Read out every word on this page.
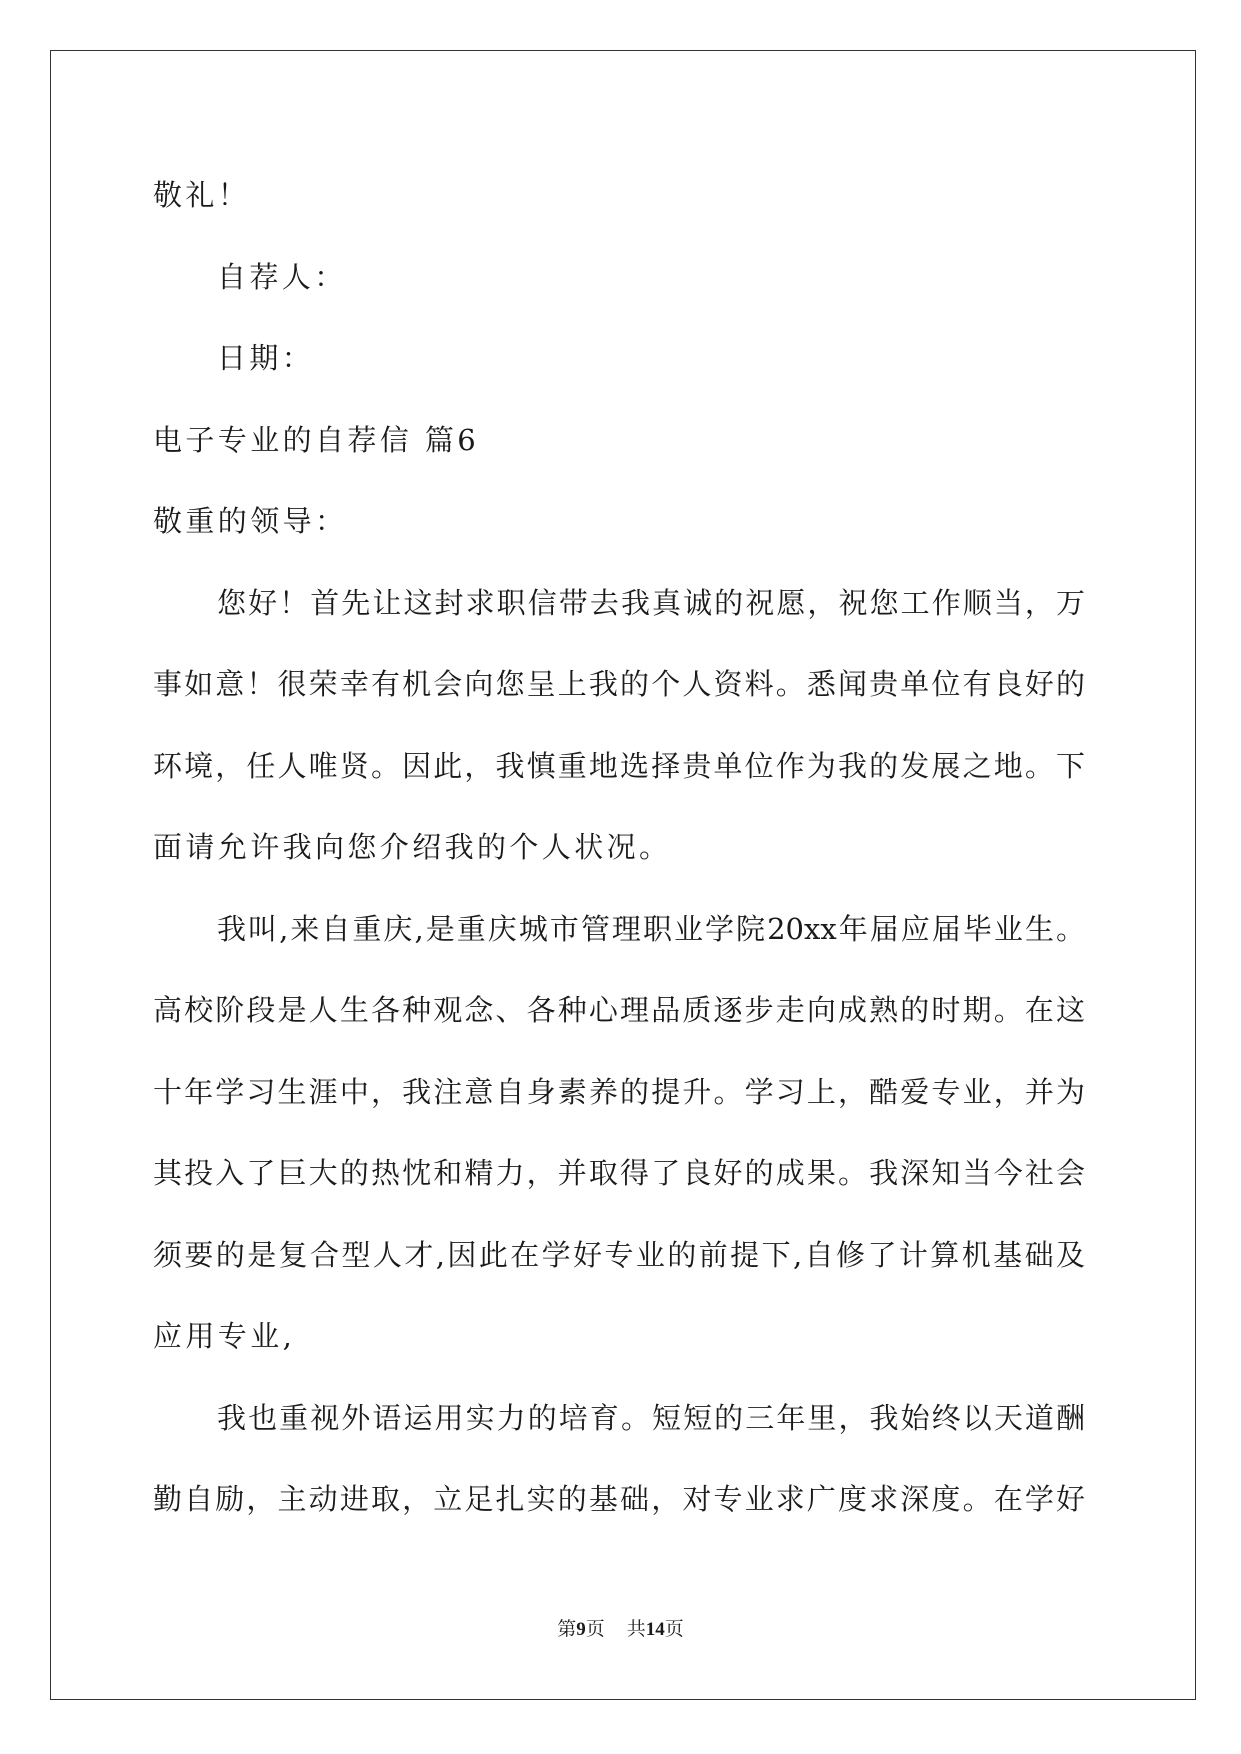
敬礼！
自荐人：
日期：
电子专业的自荐信 篇6
敬重的领导：
您好！首先让这封求职信带去我真诚的祝愿，祝您工作顺当，万
事如意！很荣幸有机会向您呈上我的个人资料。悉闻贵单位有良好的
环境，任人唯贤。因此，我慎重地选择贵单位作为我的发展之地。下
面请允许我向您介绍我的个人状况。
我叫,来自重庆,是重庆城市管理职业学院20xx年届应届毕业生。
高校阶段是人生各种观念、各种心理品质逐步走向成熟的时期。在这
十年学习生涯中，我注意自身素养的提升。学习上，酷爱专业，并为
其投入了巨大的热忱和精力，并取得了良好的成果。我深知当今社会
须要的是复合型人才,因此在学好专业的前提下,自修了计算机基础及
应用专业,
我也重视外语运用实力的培育。短短的三年里，我始终以天道酬
勤自励，主动进取，立足扎实的基础，对专业求广度求深度。在学好
第9页 共14页
